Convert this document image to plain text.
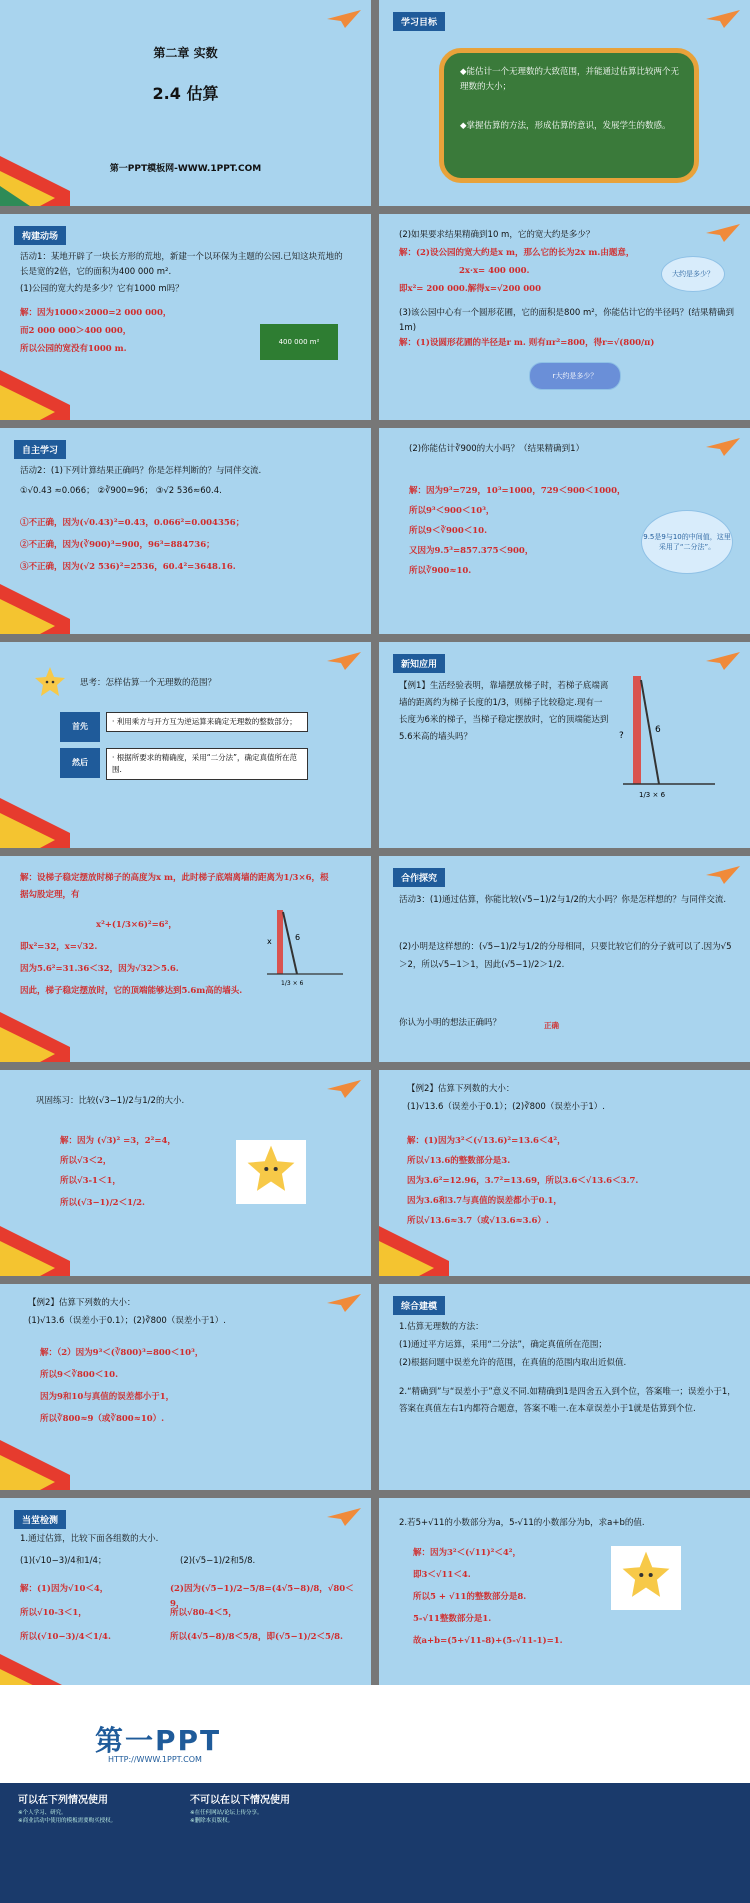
第二章 实数
2.4 估算
第一PPT模板网-WWW.1PPT.COM
学习目标
◆能估计一个无理数的大致范围，并能通过估算比较两个无理数的大小；
◆掌握估算的方法，形成估算的意识，发展学生的数感。
构建动场
活动1：某地开辟了一块长方形的荒地，新建一个以环保为主题的公园.已知这块荒地的长是宽的2倍，它的面积为400 000 m².
(1)公园的宽大约是多少？它有1000 m吗？
解：因为1000×2000=2 000 000，
而2 000 000＞400 000，
所以公园的宽没有1000 m.
400 000 m²
(2)如果要求结果精确到10 m，它的宽大约是多少？
解：(2)设公园的宽大约是x m，那么它的长为2x m.由题意，
2x·x= 400 000.
即x²= 200 000.解得x=√200 000
大约是多少？
(3)该公园中心有一个圆形花圃，它的面积是800 m²，你能估计它的半径吗？(结果精确到1m)
解：(1)设圆形花圃的半径是r m. 则有πr²=800，得r=√(800/π)
r大约是多少？
自主学习
活动2：(1)下列计算结果正确吗？你是怎样判断的？与同伴交流.
①√0.43 ≈0.066； ②∛900≈96； ③√2 536≈60.4.
①不正确，因为(√0.43)²=0.43，0.066²=0.004356；
②不正确，因为(∛900)³=900，96³=884736；
③不正确，因为(√2 536)²=2536，60.4²=3648.16.
(2)你能估计∛900的大小吗？（结果精确到1）
解：因为9³=729，10³=1000，729＜900＜1000，
所以9³＜900＜10³，
所以9＜∛900＜10.
又因为9.5³=857.375＜900，
所以∛900≈10.
9.5是9与10的中间值，这里采用了“二分法”。
思考：怎样估算一个无理数的范围？
首先
· 利用乘方与开方互为逆运算来确定无理数的整数部分；
然后
· 根据所要求的精确度，采用“二分法”，确定真值所在范围.
新知应用
【例1】生活经验表明，靠墙摆放梯子时，若梯子底端离墙的距离约为梯子长度的1/3，则梯子比较稳定.现有一长度为6米的梯子，当梯子稳定摆放时，它的顶端能达到5.6米高的墙头吗？	?
6
1/3 × 6
解：设梯子稳定摆放时梯子的高度为x m，此时梯子底端离墙的距离为1/3×6，根据勾股定理，有
x²+(1/3×6)²=6²，
即x²=32，x=√32.
因为5.6²=31.36＜32，因为√32＞5.6.
因此，梯子稳定摆放时，它的顶端能够达到5.6m高的墙头.
x	6
1/3 × 6
合作探究
活动3：(1)通过估算，你能比较(√5−1)/2与1/2的大小吗？你是怎样想的？与同伴交流.
(2)小明是这样想的：(√5−1)/2与1/2的分母相同，只要比较它们的分子就可以了.因为√5＞2，所以√5−1＞1，因此(√5−1)/2＞1/2.
你认为小明的想法正确吗？	正确
巩固练习：比较(√3−1)/2与1/2的大小.
解：因为 (√3)² =3，2²=4，
所以√3＜2，
所以√3-1＜1，
所以(√3−1)/2＜1/2.
【例2】估算下列数的大小：
(1)√13.6（误差小于0.1）；(2)∛800（误差小于1）.
解：(1)因为3²＜(√13.6)²=13.6＜4²，
所以√13.6的整数部分是3.
因为3.6²=12.96，3.7²=13.69，所以3.6＜√13.6＜3.7.
因为3.6和3.7与真值的误差都小于0.1，
所以√13.6≈3.7（或√13.6≈3.6）.
【例2】估算下列数的大小：
(1)√13.6（误差小于0.1）；(2)∛800（误差小于1）.
解：（2）因为9³＜(∛800)³=800＜10³，
所以9＜∛800＜10.
因为9和10与真值的误差都小于1，
所以∛800≈9（或∛800≈10）.
综合建模
1.估算无理数的方法：
(1)通过平方运算，采用“二分法”，确定真值所在范围；
(2)根据问题中误差允许的范围，在真值的范围内取出近似值.
2.“精确到”与“误差小于”意义不同.如精确到1是四舍五入到个位，答案唯一；误差小于1，答案在真值左右1内都符合题意，答案不唯一.在本章误差小于1就是估算到个位.
当堂检测
1.通过估算，比较下面各组数的大小.
(1)(√10−3)/4和1/4；	(2)(√5−1)/2和5/8.
解：(1)因为√10＜4，
所以√10-3＜1，
所以(√10−3)/4＜1/4.
(2)因为(√5−1)/2−5/8=(4√5−8)/8，√80＜9，
所以√80-4＜5，
所以(4√5−8)/8＜5/8，即(√5−1)/2＜5/8.
2.若5+√11的小数部分为a，5-√11的小数部分为b，求a+b的值.
解：因为3²＜(√11)²＜4²，
即3＜√11＜4.
所以5 + √11的整数部分是8.
5-√11整数部分是1.
故a+b=(5+√11-8)+(5-√11-1)=1.
第一PPT
HTTP://WWW.1PPT.COM
可以在下列情况使用
※个人学习、研究。
※商业活动中使用的模板需要购买授权。
不可以在以下情况使用
※在任何网站/论坛上传分享。
※删除本页版权。
